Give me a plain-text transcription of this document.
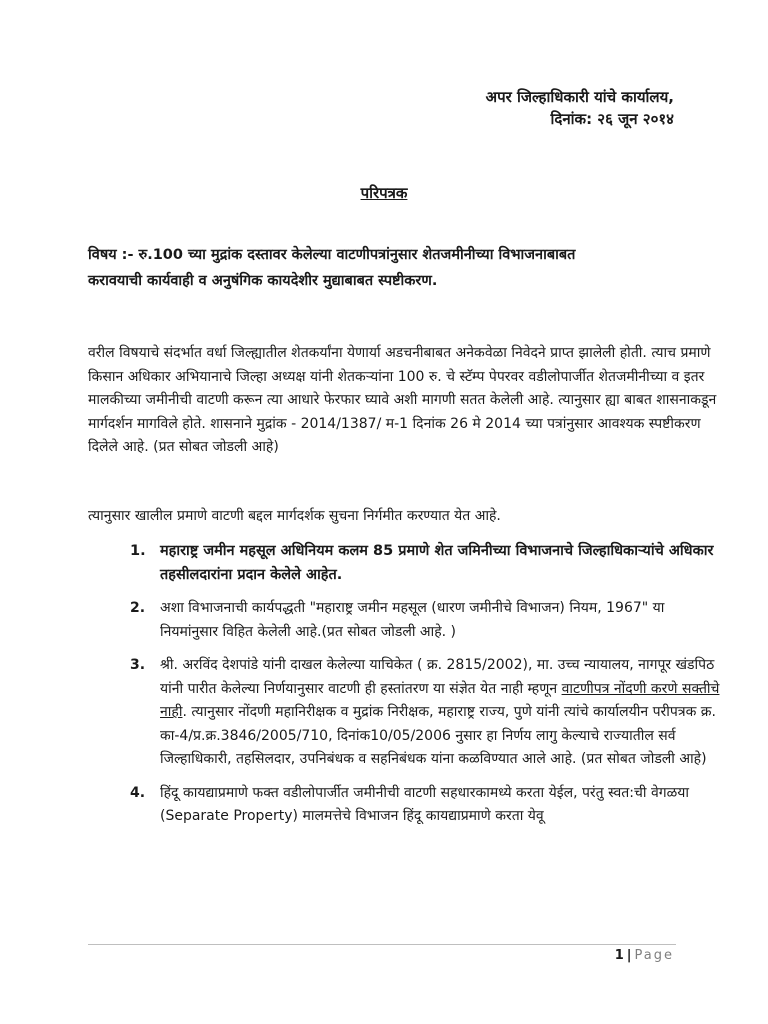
अपर जिल्हाधिकारी यांचे कार्यालय,
दिनांक: २६ जून २०१४
परिपत्रक
विषय :- रु.100 च्या मुद्रांक दस्तावर केलेल्या वाटणीपत्रांनुसार शेतजमीनीच्या विभाजनाबाबत
करावयाची कार्यवाही व अनुषंगिक कायदेशीर मुद्याबाबत स्पष्टीकरण.
वरील विषयाचे संदर्भात वर्धा जिल्ह्यातील शेतकर्यांना येणार्या अडचनीबाबत अनेकवेळा निवेदने प्राप्त झालेली होती. त्याच प्रमाणे किसान अधिकार अभियानाचे जिल्हा अध्यक्ष यांनी शेतकऱ्यांना 100 रु. चे स्टॅम्प पेपरवर वडीलोपार्जीत शेतजमीनीच्या व इतर मालकीच्या जमीनीची वाटणी करून त्या आधारे फेरफार घ्यावे अशी मागणी सतत केलेली आहे. त्यानुसार ह्या बाबत शासनाकडून मार्गदर्शन मागविले होते. शासनाने मुद्रांक - 2014/1387/ म-1 दिनांक 26 मे 2014 च्या पत्रांनुसार आवश्यक स्पष्टीकरण दिलेले आहे. (प्रत सोबत जोडली आहे)
त्यानुसार खालील प्रमाणे वाटणी बद्दल मार्गदर्शक सुचना निर्गमीत करण्यात येत आहे.
1. महाराष्ट्र जमीन महसूल अधिनियम कलम 85 प्रमाणे शेत जमिनीच्या विभाजनाचे जिल्हाधिकाऱ्यांचे अधिकार तहसीलदारांना प्रदान केलेले आहेत.
2. अशा विभाजनाची कार्यपद्धती "महाराष्ट्र जमीन महसूल (धारण जमीनीचे विभाजन) नियम, 1967" या नियमांनुसार विहित केलेली आहे.(प्रत सोबत जोडली आहे. )
3. श्री. अरविंद देशपांडे यांनी दाखल केलेल्या याचिकेत ( क्र. 2815/2002), मा. उच्च न्यायालय, नागपूर खंडपिठ यांनी पारीत केलेल्या निर्णयानुसार वाटणी ही हस्तांतरण या संज्ञेत येत नाही म्हणून वाटणीपत्र नोंदणी करणे सक्तीचे नाही. त्यानुसार नोंदणी महानिरीक्षक व मुद्रांक निरीक्षक, महाराष्ट्र राज्य, पुणे यांनी त्यांचे कार्यालयीन परीपत्रक क्र. का-4/प्र.क्र.3846/2005/710, दिनांक10/05/2006 नुसार हा निर्णय लागु केल्याचे राज्यातील सर्व जिल्हाधिकारी, तहसिलदार, उपनिबंधक व सहनिबंधक यांना कळविण्यात आले आहे. (प्रत सोबत जोडली आहे)
4. हिंदू कायद्याप्रमाणे फक्त वडीलोपार्जीत जमीनीची वाटणी सहधारकामध्ये करता येईल, परंतु स्वत:ची वेगळया (Separate Property) मालमत्तेचे विभाजन हिंदू कायद्याप्रमाणे करता येवू
1 | Page
